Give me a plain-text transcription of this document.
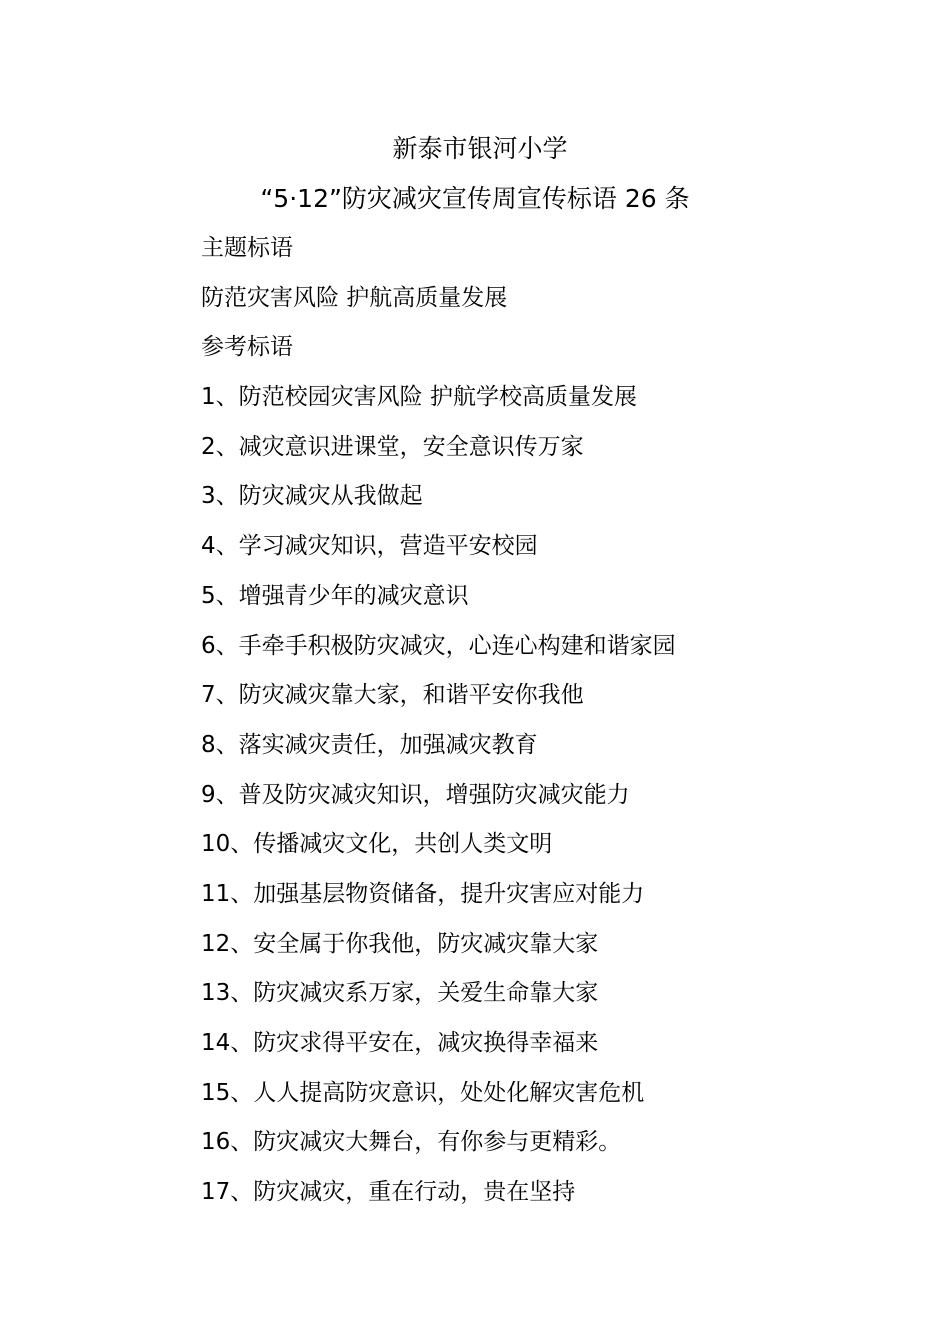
新泰市银河小学
“5·12”防灾减灾宣传周宣传标语 26 条
主题标语
防范灾害风险 护航高质量发展
参考标语
1、防范校园灾害风险 护航学校高质量发展
2、减灾意识进课堂，安全意识传万家
3、防灾减灾从我做起
4、学习减灾知识，营造平安校园
5、增强青少年的减灾意识
6、手牵手积极防灾减灾，心连心构建和谐家园
7、防灾减灾靠大家，和谐平安你我他
8、落实减灾责任，加强减灾教育
9、普及防灾减灾知识，增强防灾减灾能力
10、传播减灾文化，共创人类文明
11、加强基层物资储备，提升灾害应对能力
12、安全属于你我他，防灾减灾靠大家
13、防灾减灾系万家，关爱生命靠大家
14、防灾求得平安在，减灾换得幸福来
15、人人提高防灾意识，处处化解灾害危机
16、防灾减灾大舞台，有你参与更精彩。
17、防灾减灾，重在行动，贵在坚持
